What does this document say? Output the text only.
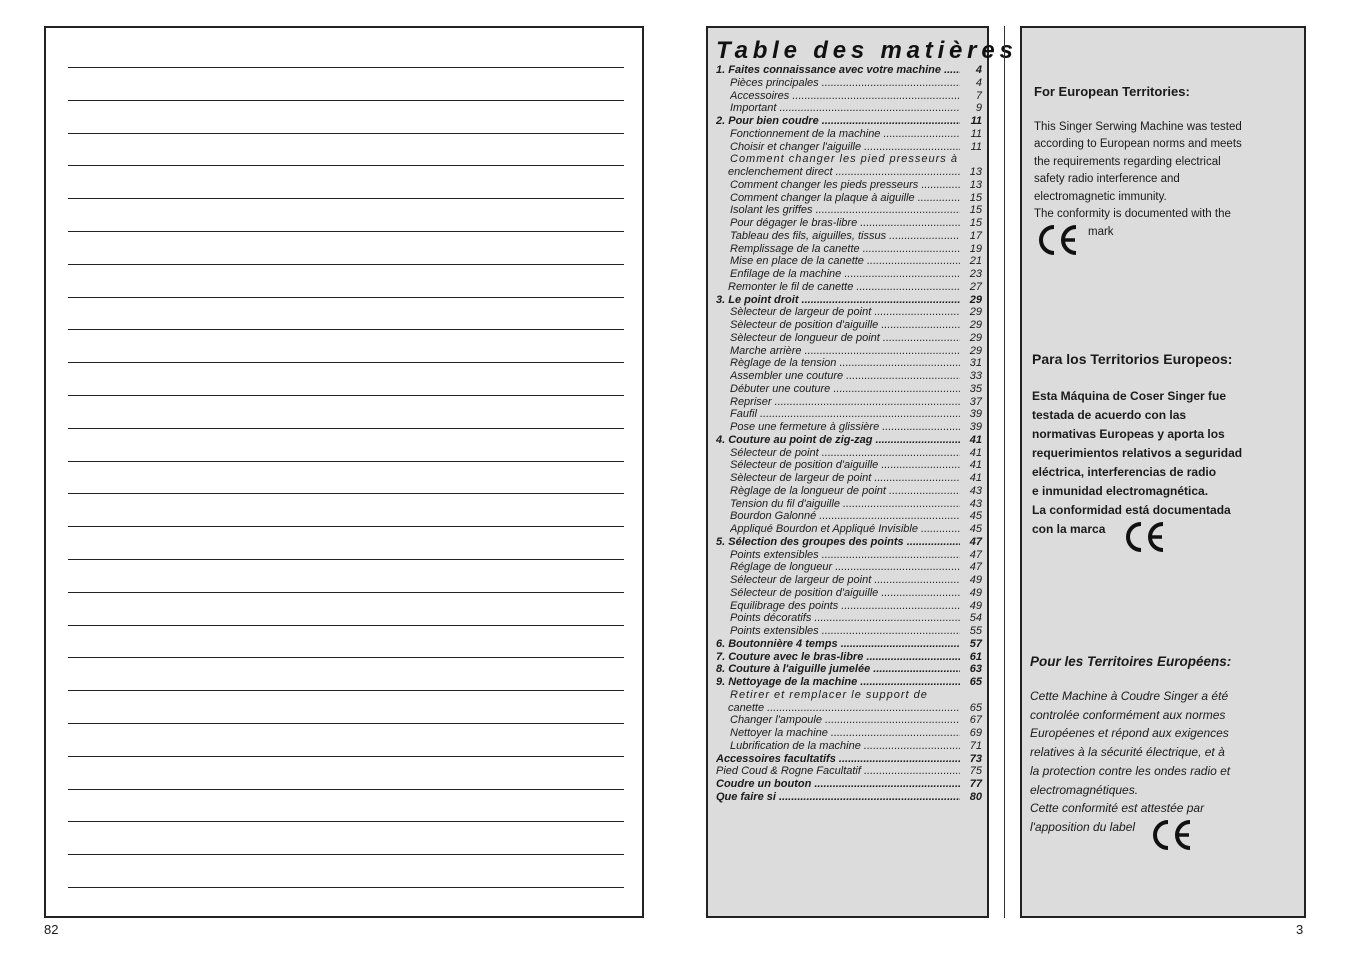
82
Table des matières
1. Faites connaissance avec votre machine .....	4
Pièces principales .....	4
Accessoires .....	7
Important .....	9
2. Pour bien coudre .....	11
Fonctionnement de la machine .....	11
Choisir et changer l'aiguille .....	11
Comment changer les pied presseurs à
enclenchement direct .....	13
Comment changer les pieds presseurs .....	13
Comment changer la plaque à aiguille .....	15
Isolant les griffes .....	15
Pour dégager le bras-libre .....	15
Tableau des fils, aiguilles, tissus .....	17
Remplissage de la canette .....	19
Mise en place de la canette .....	21
Enfilage de la machine .....	23
Remonter le fil de canette .....	27
3. Le point droit .....	29
Sèlecteur de largeur de point .....	29
Sèlecteur de position d'aiguille .....	29
Sèlecteur de longueur de point .....	29
Marche arrière .....	29
Règlage de la tension .....	31
Assembler une couture .....	33
Débuter une couture .....	35
Repriser .....	37
Faufil .....	39
Pose une fermeture à glissière .....	39
4. Couture au point de zig-zag .....	41
Sélecteur de point .....	41
Sélecteur de position d'aiguille .....	41
Sèlecteur de largeur de point .....	41
Règlage de la longueur de point .....	43
Tension du fil d'aiguille .....	43
Bourdon Galonné .....	45
Appliqué Bourdon et Appliqué Invisible .....	45
5. Sélection des groupes des points .....	47
Points extensibles .....	47
Réglage de longueur .....	47
Sélecteur de largeur de point .....	49
Sélecteur de position d'aiguille .....	49
Equilibrage des points .....	49
Points décoratifs .....	54
Points extensibles .....	55
6. Boutonnière 4 temps .....	57
7. Couture avec le bras-libre .....	61
8. Couture à l'aiguille jumelée .....	63
9. Nettoyage de la machine .....	65
Retirer et remplacer le support de
canette .....	65
Changer l'ampoule .....	67
Nettoyer la machine .....	69
Lubrification de la machine .....	71
Accessoires facultatifs .....	73
Pied Coud & Rogne Facultatif .....	75
Coudre un bouton .....	77
Que faire si .....	80
For European Territories:

This Singer Serwing Machine was tested

according to European norms and meets

the requirements regarding electrical

safety radio interference and

electromagnetic immunity.

The conformity is documented with the

mark
Para los Territorios Europeos:

Esta Máquina de Coser Singer fue

testada de acuerdo con las

normativas Europeas y aporta los

requerimientos relativos a seguridad

eléctrica, interferencias de radio

e inmunidad electromagnética.

La conformidad está documentada

con la marca

Pour les Territoires Européens:

Cette Machine à Coudre Singer a été

controlée conformément aux normes

Européenes et répond aux exigences

relatives à la sécurité électrique, et à

la protection contre les ondes radio et

electromagnétiques.

Cette conformité est attestée par

l'apposition du label

3
